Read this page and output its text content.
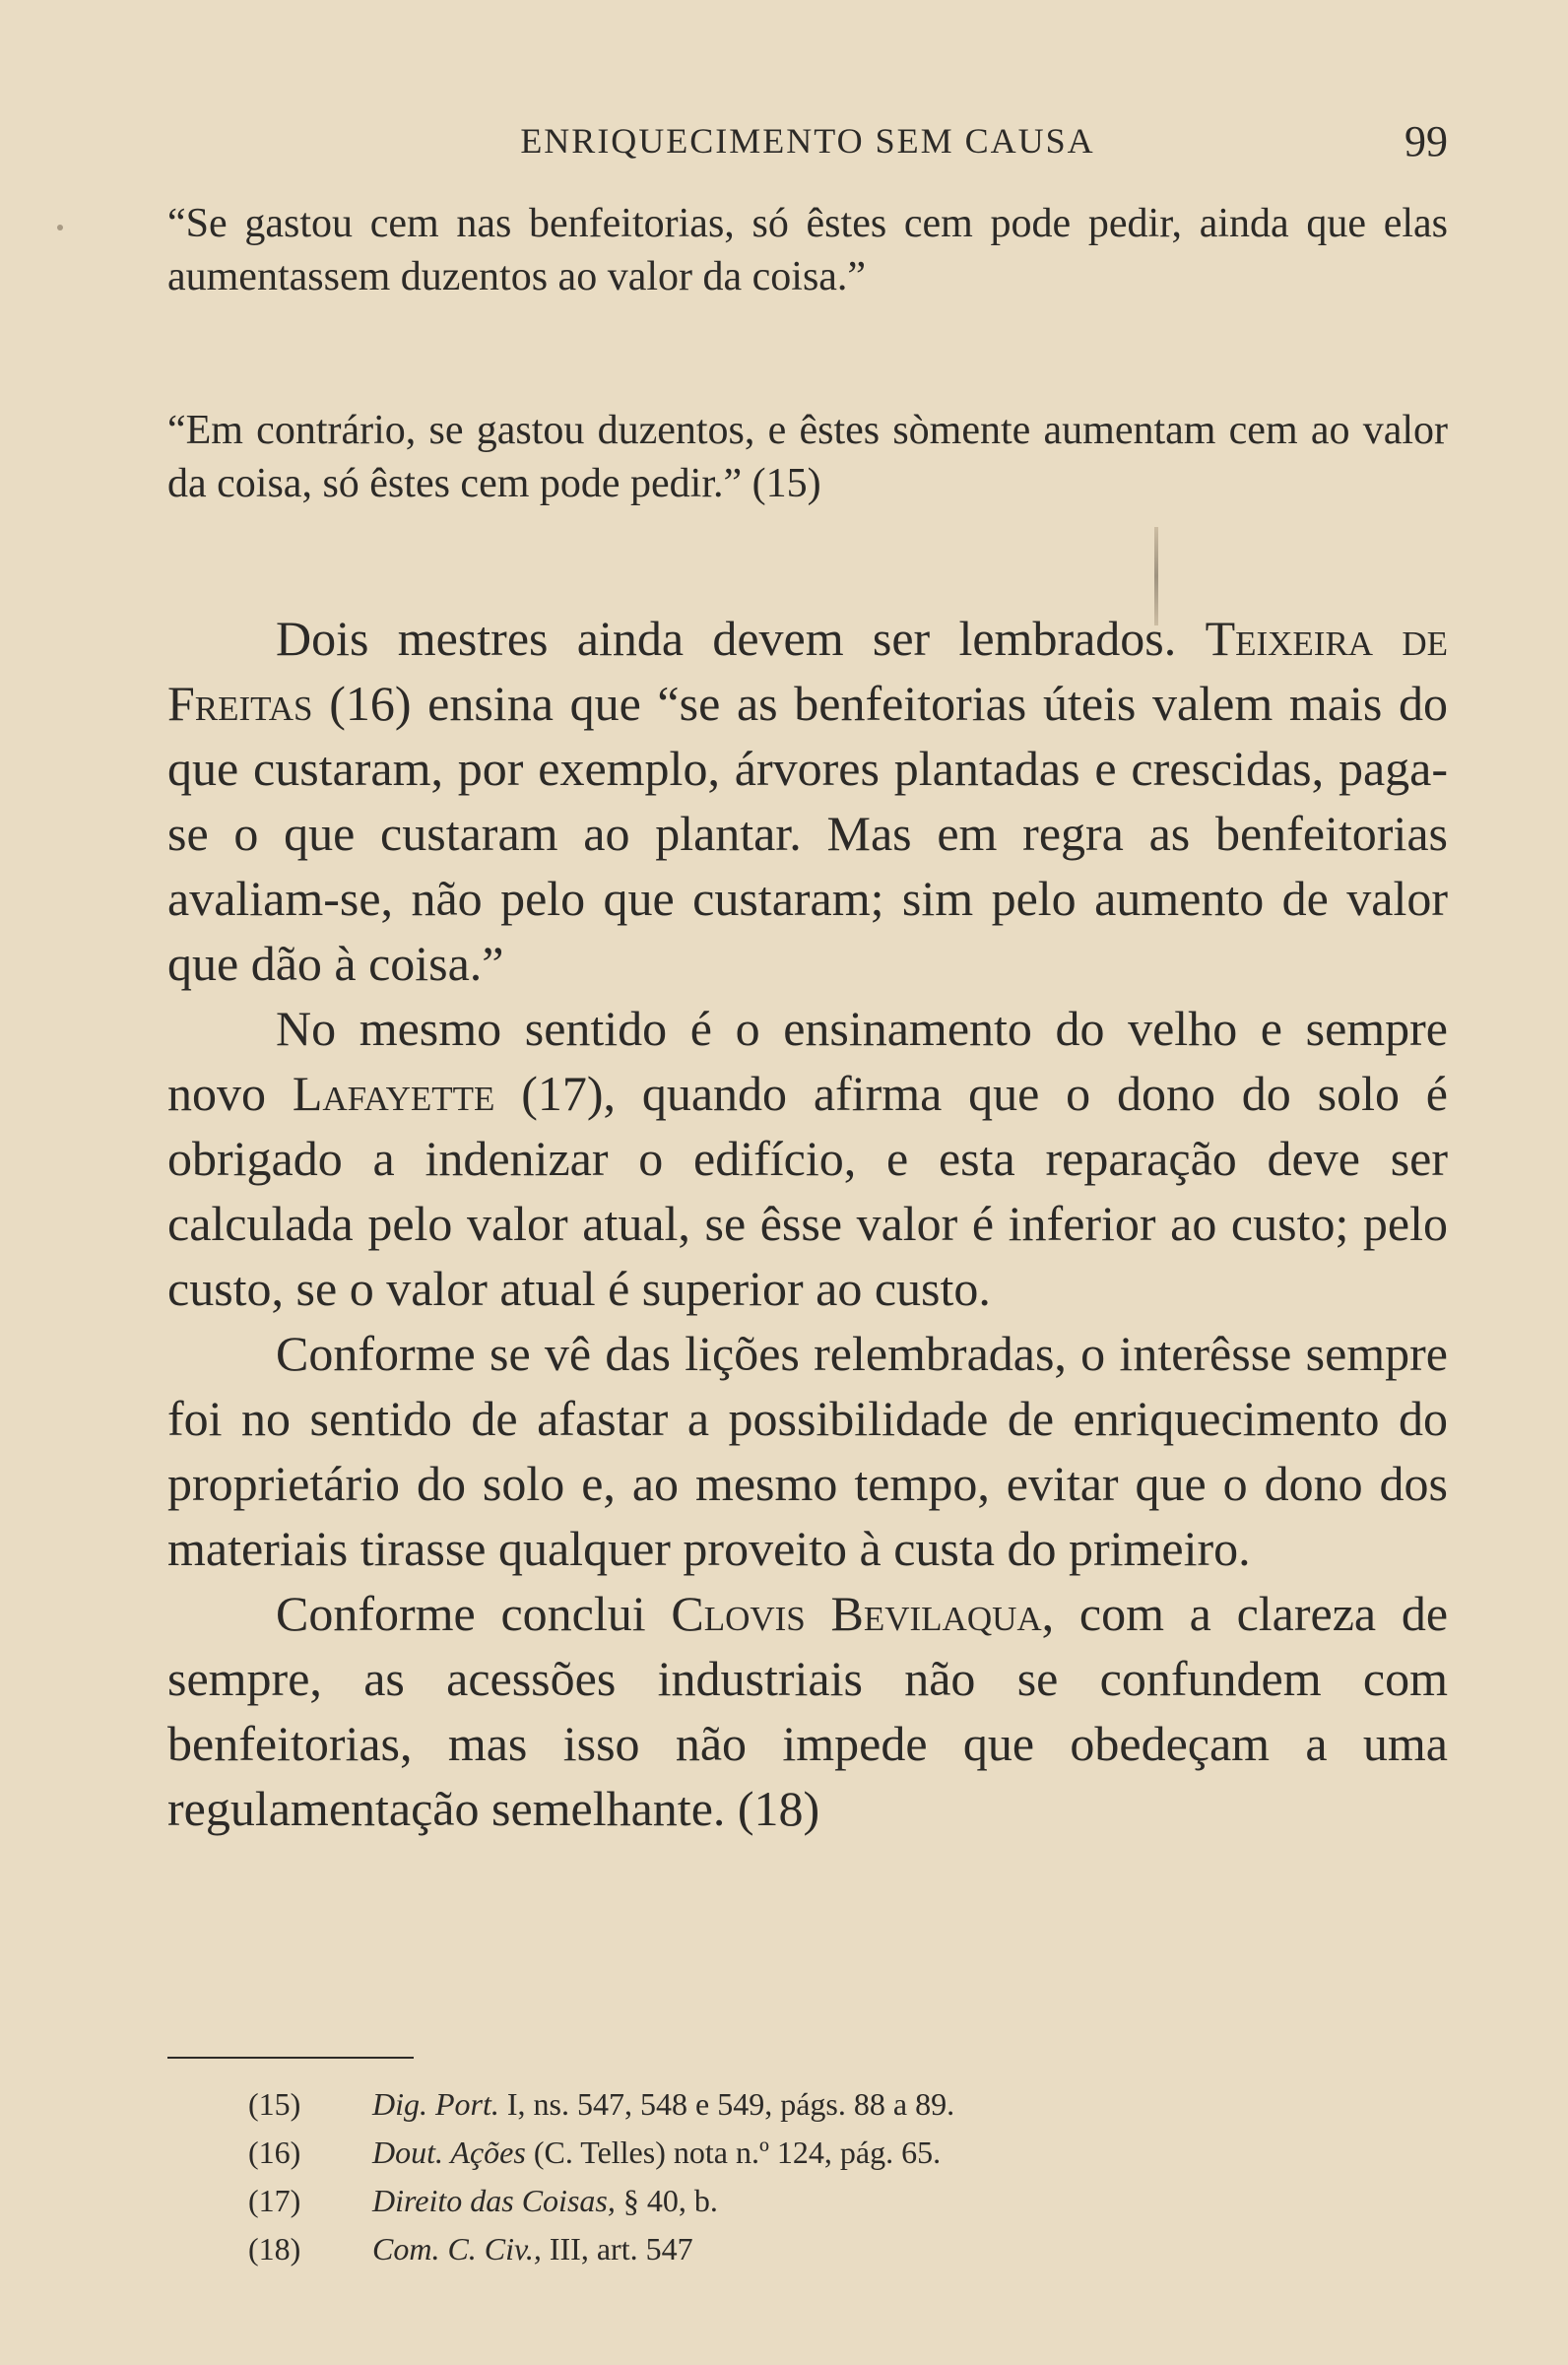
ENRIQUECIMENTO SEM CAUSA	99

“Se gastou cem nas benfeitorias, só êstes cem pode pedir, ainda que elas aumentassem duzentos ao valor da coisa.”

“Em contrário, se gastou duzentos, e êstes sòmente aumentam cem ao valor da coisa, só êstes cem pode pedir.” (15)

Dois mestres ainda devem ser lembrados. Teixeira de Freitas (16) ensina que “se as benfeitorias úteis valem mais do que custaram, por exemplo, árvores plantadas e crescidas, paga-se o que custaram ao plantar. Mas em regra as benfeitorias avaliam-se, não pelo que custaram; sim pelo aumento de valor que dão à coisa.”

No mesmo sentido é o ensinamento do velho e sempre novo Lafayette (17), quando afirma que o dono do solo é obrigado a indenizar o edifício, e esta reparação deve ser calculada pelo valor atual, se êsse valor é inferior ao custo; pelo custo, se o valor atual é superior ao custo.

Conforme se vê das lições relembradas, o interêsse sempre foi no sentido de afastar a possibilidade de enriquecimento do proprietário do solo e, ao mesmo tempo, evitar que o dono dos materiais tirasse qualquer proveito à custa do primeiro.

Conforme conclui Clovis Bevilaqua, com a clareza de sempre, as acessões industriais não se confundem com benfeitorias, mas isso não impede que obedeçam a uma regulamentação semelhante. (18)

(15) Dig. Port. I, ns. 547, 548 e 549, págs. 88 a 89.
(16) Dout. Ações (C. Telles) nota n.º 124, pág. 65.
(17) Direito das Coisas, § 40, b.
(18) Com. C. Civ., III, art. 547
